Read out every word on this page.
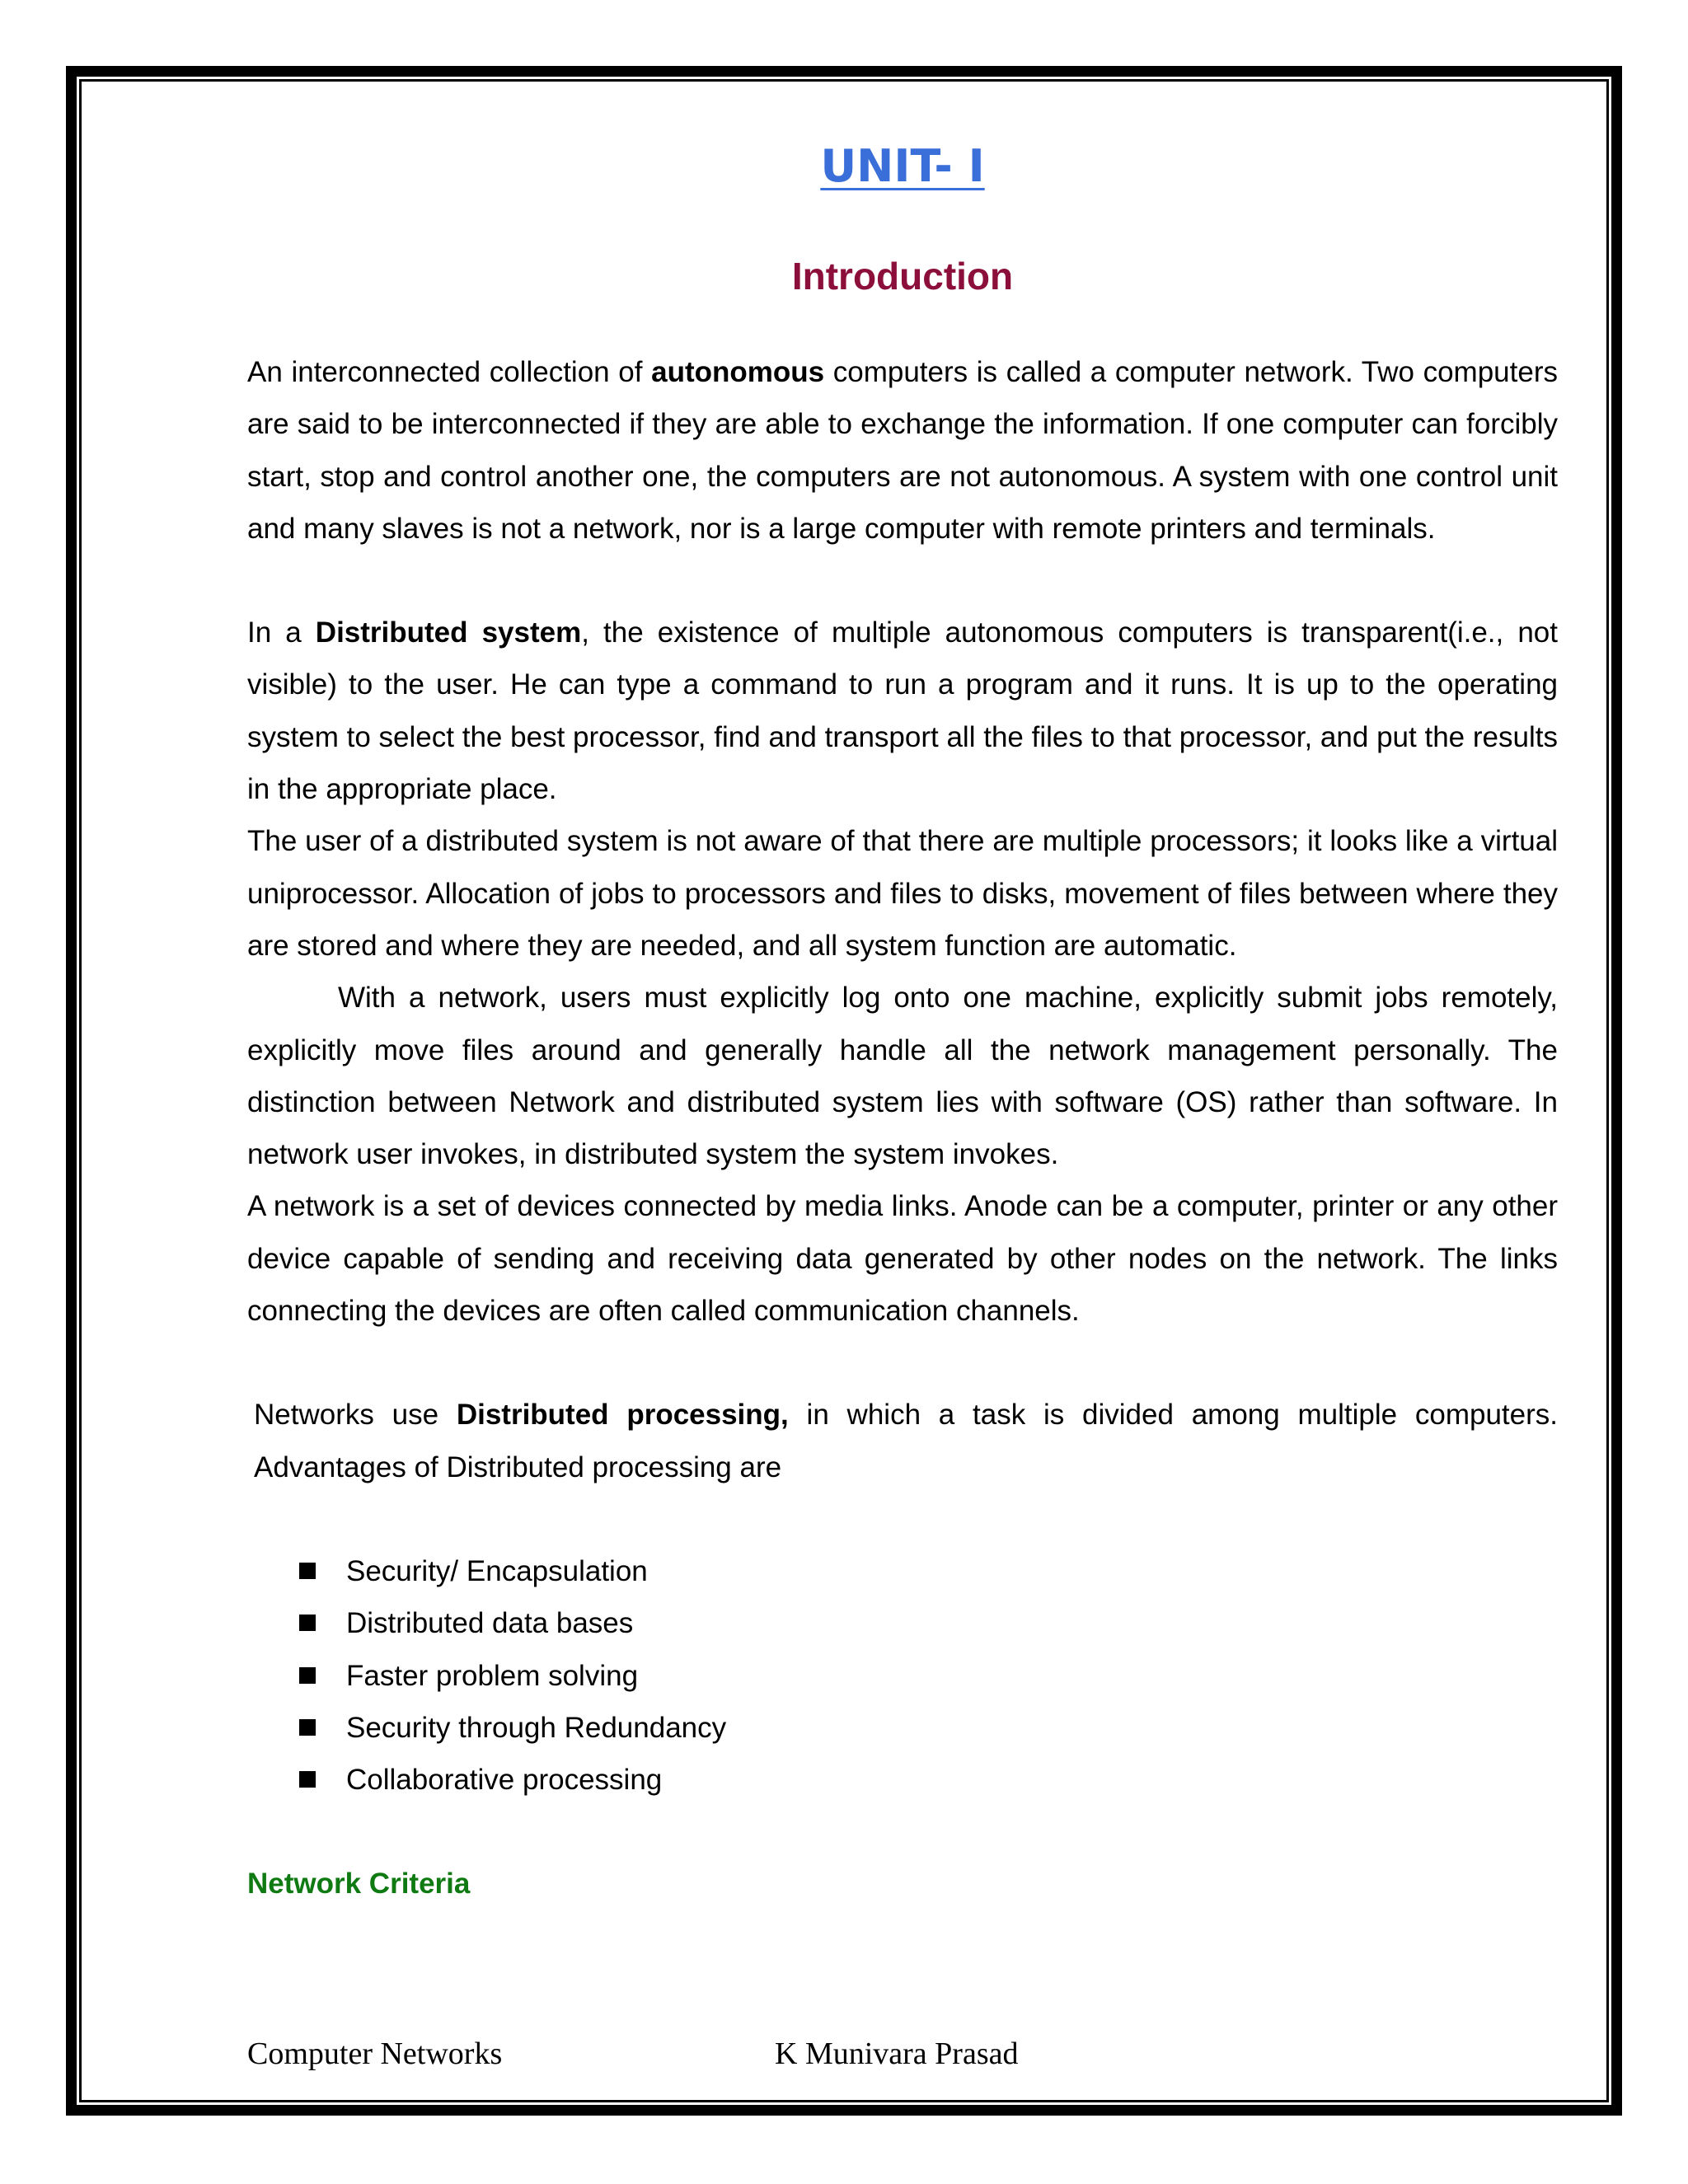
UNIT- I
Introduction

An interconnected collection of autonomous computers is called a computer network. Two computers are said to be interconnected if they are able to exchange the information. If one computer can forcibly start, stop and control another one, the computers are not autonomous. A system with one control unit and many slaves is not a network, nor is a large computer with remote printers and terminals.

In a Distributed system, the existence of multiple autonomous computers is transparent(i.e., not visible) to the user. He can type a command to run a program and it runs. It is up to the operating system to select the best processor, find and transport all the files to that processor, and put the results in the appropriate place.

The user of a distributed system is not aware of that there are multiple processors; it looks like a virtual uniprocessor. Allocation of jobs to processors and files to disks, movement of files between where they are stored and where they are needed, and all system function are automatic.

With a network, users must explicitly log onto one machine, explicitly submit jobs remotely, explicitly move files around and generally handle all the network management personally. The distinction between Network and distributed system lies with software (OS) rather than software. In network user invokes, in distributed system the system invokes.

A network is a set of devices connected by media links. Anode can be a computer, printer or any other device capable of sending and receiving data generated by other nodes on the network. The links connecting the devices are often called communication channels.

Networks use Distributed processing, in which a task is divided among multiple computers. Advantages of Distributed processing are

Security/ Encapsulation
Distributed data bases
Faster problem solving
Security through Redundancy
Collaborative processing

Network Criteria

Computer Networks	K Munivara Prasad
